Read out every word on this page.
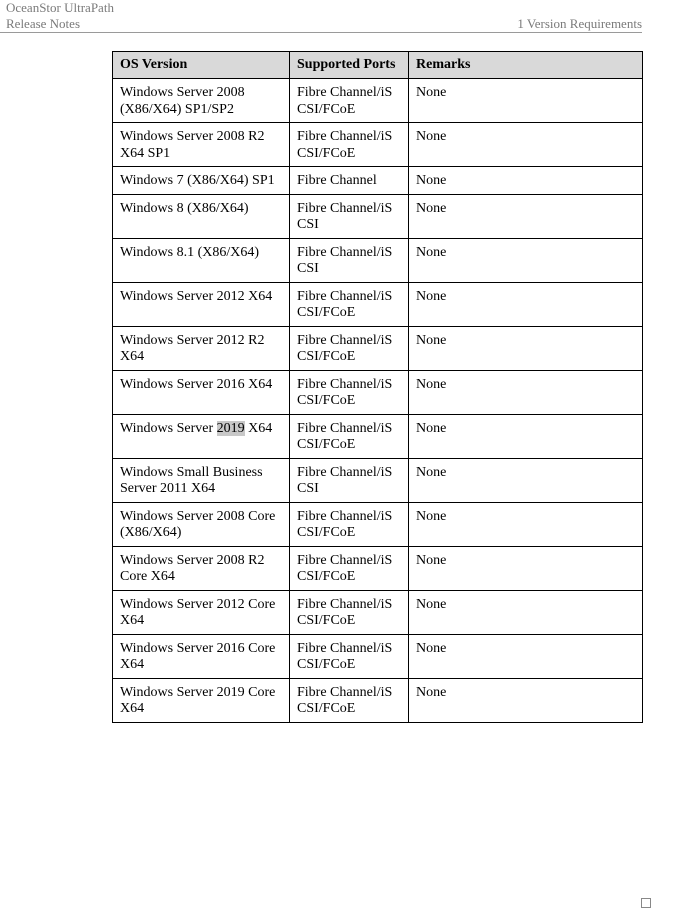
OceanStor UltraPath
Release Notes	1 Version Requirements
OS Version	Supported Ports	Remarks
Windows Server 2008 (X86/X64) SP1/SP2	Fibre Channel/iSCSI/FCoE	None
Windows Server 2008 R2 X64 SP1	Fibre Channel/iSCSI/FCoE	None
Windows 7 (X86/X64) SP1	Fibre Channel	None
Windows 8 (X86/X64)	Fibre Channel/iSCSI	None
Windows 8.1 (X86/X64)	Fibre Channel/iSCSI	None
Windows Server 2012 X64	Fibre Channel/iSCSI/FCoE	None
Windows Server 2012 R2 X64	Fibre Channel/iSCSI/FCoE	None
Windows Server 2016 X64	Fibre Channel/iSCSI/FCoE	None
Windows Server 2019 X64	Fibre Channel/iSCSI/FCoE	None
Windows Small Business Server 2011 X64	Fibre Channel/iSCSI	None
Windows Server 2008 Core (X86/X64)	Fibre Channel/iSCSI/FCoE	None
Windows Server 2008 R2 Core X64	Fibre Channel/iSCSI/FCoE	None
Windows Server 2012 Core X64	Fibre Channel/iSCSI/FCoE	None
Windows Server 2016 Core X64	Fibre Channel/iSCSI/FCoE	None
Windows Server 2019 Core X64	Fibre Channel/iSCSI/FCoE	None
